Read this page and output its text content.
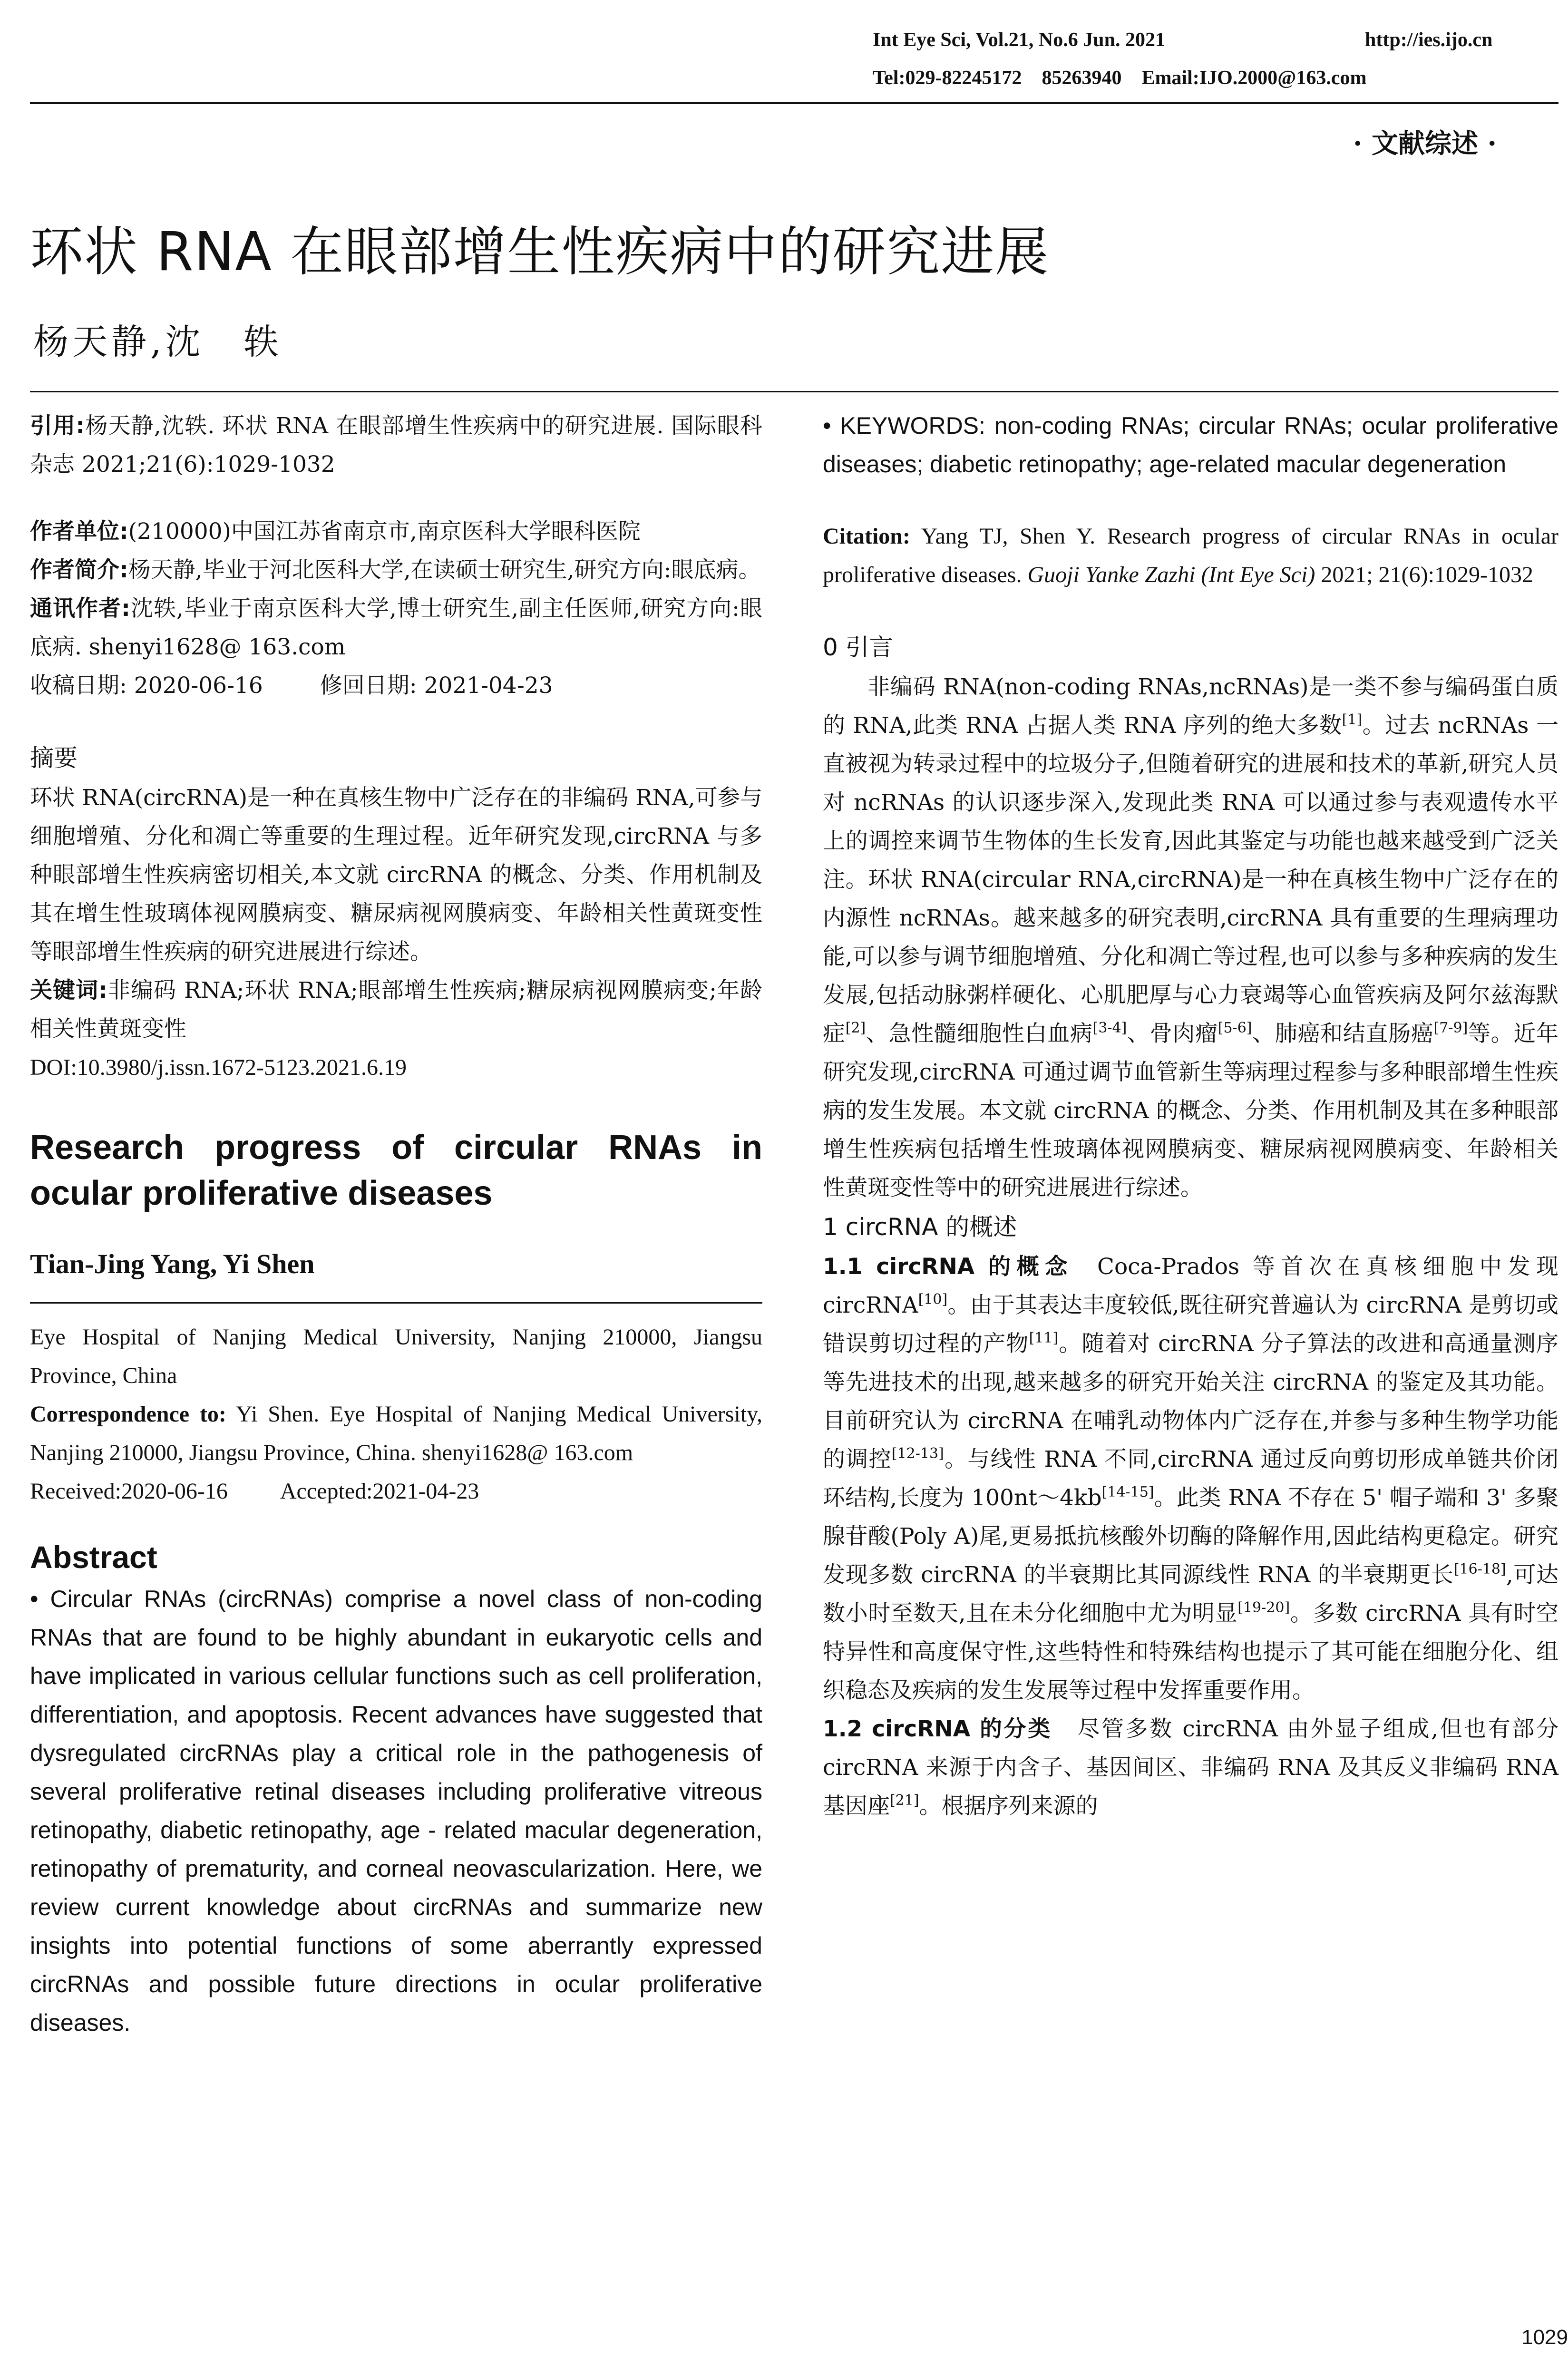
Int Eye Sci, Vol.21, No.6 Jun. 2021	http://ies.ijo.cn
Tel:029-82245172    85263940    Email:IJO.2000@163.com
· 文献综述 ·
环状 RNA 在眼部增生性疾病中的研究进展
杨天静,沈　轶

引用:杨天静,沈轶. 环状 RNA 在眼部增生性疾病中的研究进展. 国际眼科杂志 2021;21(6):1029-1032

作者单位:(210000)中国江苏省南京市,南京医科大学眼科医院

作者简介:杨天静,毕业于河北医科大学,在读硕士研究生,研究方向:眼底病。

通讯作者:沈轶,毕业于南京医科大学,博士研究生,副主任医师,研究方向:眼底病. shenyi1628@ 163.com

收稿日期: 2020-06-16	修回日期: 2021-04-23

摘要

环状 RNA(circRNA)是一种在真核生物中广泛存在的非编码 RNA,可参与细胞增殖、分化和凋亡等重要的生理过程。近年研究发现,circRNA 与多种眼部增生性疾病密切相关,本文就 circRNA 的概念、分类、作用机制及其在增生性玻璃体视网膜病变、糖尿病视网膜病变、年龄相关性黄斑变性等眼部增生性疾病的研究进展进行综述。

关键词:非编码 RNA;环状 RNA;眼部增生性疾病;糖尿病视网膜病变;年龄相关性黄斑变性

DOI:10.3980/j.issn.1672-5123.2021.6.19

Research progress of circular RNAs in ocular proliferative diseases

Tian-Jing Yang, Yi Shen

Eye Hospital of Nanjing Medical University, Nanjing 210000, Jiangsu Province, China

Correspondence to: Yi Shen. Eye Hospital of Nanjing Medical University, Nanjing 210000, Jiangsu Province, China. shenyi1628@ 163.com

Received:2020-06-16 Accepted:2021-04-23

Abstract

• Circular RNAs (circRNAs) comprise a novel class of non-coding RNAs that are found to be highly abundant in eukaryotic cells and have implicated in various cellular functions such as cell proliferation, differentiation, and apoptosis. Recent advances have suggested that dysregulated circRNAs play a critical role in the pathogenesis of several proliferative retinal diseases including proliferative vitreous retinopathy, diabetic retinopathy, age - related macular degeneration, retinopathy of prematurity, and corneal neovascularization. Here, we review current knowledge about circRNAs and summarize new insights into potential functions of some aberrantly expressed circRNAs and possible future directions in ocular proliferative diseases.

• KEYWORDS: non-coding RNAs; circular RNAs; ocular proliferative diseases; diabetic retinopathy; age-related macular degeneration

Citation: Yang TJ, Shen Y. Research progress of circular RNAs in ocular proliferative diseases. Guoji Yanke Zazhi (Int Eye Sci) 2021; 21(6):1029-1032

0 引言

非编码 RNA(non-coding RNAs,ncRNAs)是一类不参与编码蛋白质的 RNA,此类 RNA 占据人类 RNA 序列的绝大多数[1]。过去 ncRNAs 一直被视为转录过程中的垃圾分子,但随着研究的进展和技术的革新,研究人员对 ncRNAs 的认识逐步深入,发现此类 RNA 可以通过参与表观遗传水平上的调控来调节生物体的生长发育,因此其鉴定与功能也越来越受到广泛关注。环状 RNA(circular RNA,circRNA)是一种在真核生物中广泛存在的内源性 ncRNAs。越来越多的研究表明,circRNA 具有重要的生理病理功能,可以参与调节细胞增殖、分化和凋亡等过程,也可以参与多种疾病的发生发展,包括动脉粥样硬化、心肌肥厚与心力衰竭等心血管疾病及阿尔兹海默症[2]、急性髓细胞性白血病[3-4]、骨肉瘤[5-6]、肺癌和结直肠癌[7-9]等。近年研究发现,circRNA 可通过调节血管新生等病理过程参与多种眼部增生性疾病的发生发展。本文就 circRNA 的概念、分类、作用机制及其在多种眼部增生性疾病包括增生性玻璃体视网膜病变、糖尿病视网膜病变、年龄相关性黄斑变性等中的研究进展进行综述。

1 circRNA 的概述

1.1 circRNA 的概念 Coca-Prados 等首次在真核细胞中发现 circRNA[10]。由于其表达丰度较低,既往研究普遍认为 circRNA 是剪切或错误剪切过程的产物[11]。随着对 circRNA 分子算法的改进和高通量测序等先进技术的出现,越来越多的研究开始关注 circRNA 的鉴定及其功能。目前研究认为 circRNA 在哺乳动物体内广泛存在,并参与多种生物学功能的调控[12-13]。与线性 RNA 不同,circRNA 通过反向剪切形成单链共价闭环结构,长度为 100nt～4kb[14-15]。此类 RNA 不存在 5' 帽子端和 3' 多聚腺苷酸(Poly A)尾,更易抵抗核酸外切酶的降解作用,因此结构更稳定。研究发现多数 circRNA 的半衰期比其同源线性 RNA 的半衰期更长[16-18],可达数小时至数天,且在未分化细胞中尤为明显[19-20]。多数 circRNA 具有时空特异性和高度保守性,这些特性和特殊结构也提示了其可能在细胞分化、组织稳态及疾病的发生发展等过程中发挥重要作用。

1.2 circRNA 的分类 尽管多数 circRNA 由外显子组成,但也有部分 circRNA 来源于内含子、基因间区、非编码 RNA 及其反义非编码 RNA 基因座[21]。根据序列来源的

1029
